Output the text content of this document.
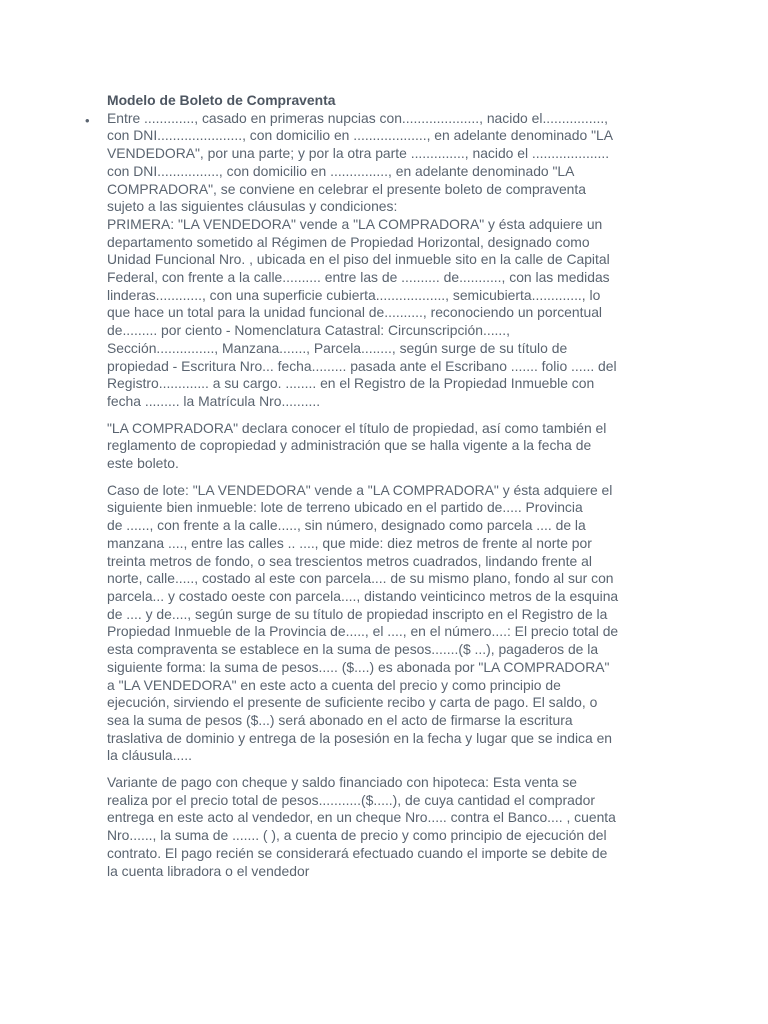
Modelo de Boleto de Compraventa

• Entre ............., casado en primeras nupcias con...................., nacido el................,
con DNI......................, con domicilio en ..................., en adelante denominado "LA
VENDEDORA", por una parte; y por la otra parte .............., nacido el ....................
con DNI................, con domicilio en ..............., en adelante denominado "LA
COMPRADORA", se conviene en celebrar el presente boleto de compraventa
sujeto a las siguientes cláusulas y condiciones:
PRIMERA: "LA VENDEDORA" vende a "LA COMPRADORA" y ésta adquiere un
departamento sometido al Régimen de Propiedad Horizontal, designado como
Unidad Funcional Nro. , ubicada en el piso del inmueble sito en la calle de Capital
Federal, con frente a la calle.......... entre las de .......... de..........., con las medidas
linderas............, con una superficie cubierta.................., semicubierta............., lo
que hace un total para la unidad funcional de.........., reconociendo un porcentual
de......... por ciento - Nomenclatura Catastral: Circunscripción......,
Sección..............., Manzana......., Parcela........, según surge de su título de
propiedad - Escritura Nro... fecha......... pasada ante el Escribano ....... folio ...... del
Registro............. a su cargo. ........ en el Registro de la Propiedad Inmueble con
fecha ......... la Matrícula Nro..........

"LA COMPRADORA" declara conocer el título de propiedad, así como también el
reglamento de copropiedad y administración que se halla vigente a la fecha de
este boleto.

Caso de lote: "LA VENDEDORA" vende a "LA COMPRADORA" y ésta adquiere el
siguiente bien inmueble: lote de terreno ubicado en el partido de..... Provincia
de ......, con frente a la calle....., sin número, designado como parcela .... de la
manzana ...., entre las calles .. ...., que mide: diez metros de frente al norte por
treinta metros de fondo, o sea trescientos metros cuadrados, lindando frente al
norte, calle....., costado al este con parcela.... de su mismo plano, fondo al sur con
parcela... y costado oeste con parcela...., distando veinticinco metros de la esquina
de .... y de...., según surge de su título de propiedad inscripto en el Registro de la
Propiedad Inmueble de la Provincia de....., el ...., en el número....: El precio total de
esta compraventa se establece en la suma de pesos.......($ ...), pagaderos de la
siguiente forma: la suma de pesos..... ($....) es abonada por "LA COMPRADORA"
a "LA VENDEDORA" en este acto a cuenta del precio y como principio de
ejecución, sirviendo el presente de suficiente recibo y carta de pago. El saldo, o
sea la suma de pesos ($...) será abonado en el acto de firmarse la escritura
traslativa de dominio y entrega de la posesión en la fecha y lugar que se indica en
la cláusula.....

Variante de pago con cheque y saldo financiado con hipoteca: Esta venta se
realiza por el precio total de pesos...........($.....), de cuya cantidad el comprador
entrega en este acto al vendedor, en un cheque Nro..... contra el Banco.... , cuenta
Nro......, la suma de ....... ( ), a cuenta de precio y como principio de ejecución del
contrato. El pago recién se considerará efectuado cuando el importe se debite de
la cuenta libradora o el vendedor
